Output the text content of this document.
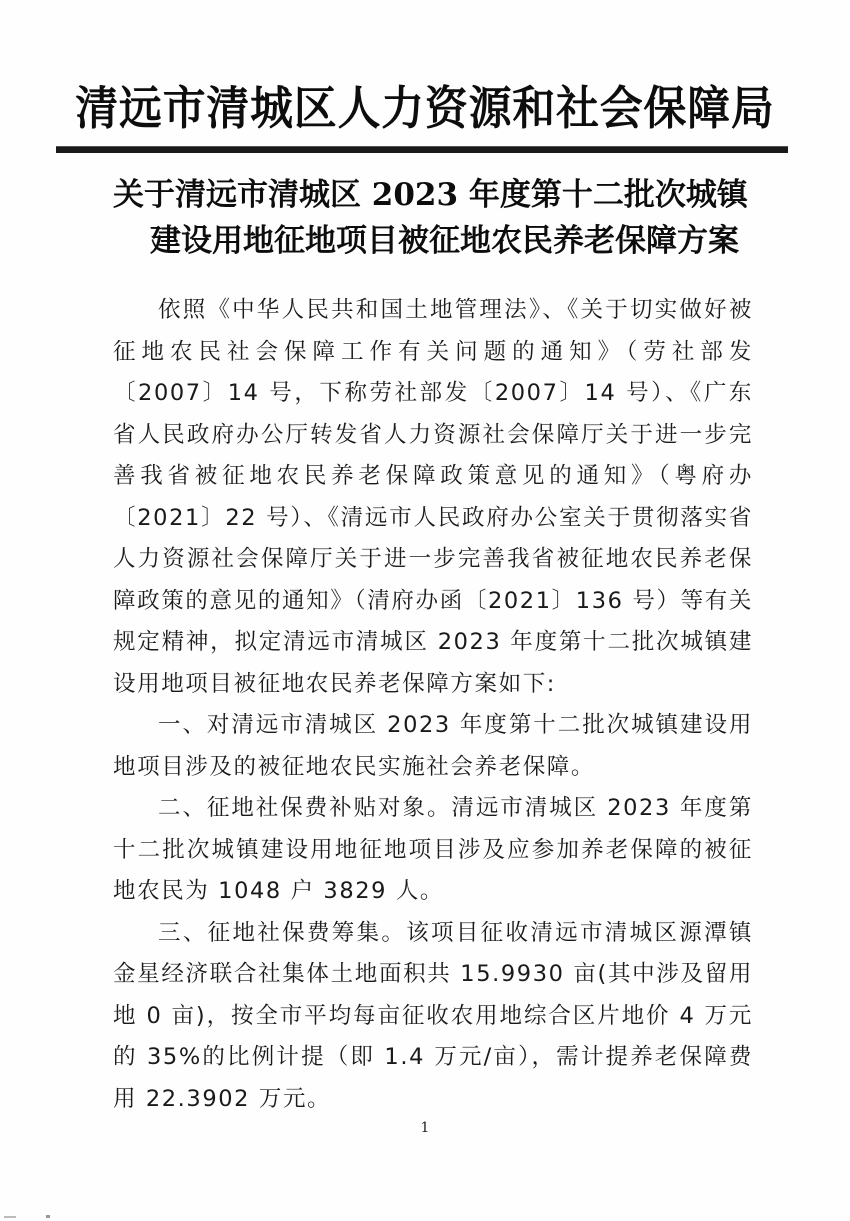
清远市清城区人力资源和社会保障局
关于清远市清城区 2023 年度第十二批次城镇
建设用地征地项目被征地农民养老保障方案

依照《中华人民共和国土地管理法》、《关于切实做好被征地农民社会保障工作有关问题的通知》（劳社部发〔2007〕14 号，下称劳社部发〔2007〕14 号）、《广东省人民政府办公厅转发省人力资源社会保障厅关于进一步完善我省被征地农民养老保障政策意见的通知》（粤府办〔2021〕22 号）、《清远市人民政府办公室关于贯彻落实省人力资源社会保障厅关于进一步完善我省被征地农民养老保障政策的意见的通知》（清府办函〔2021〕136 号）等有关规定精神，拟定清远市清城区 2023 年度第十二批次城镇建设用地项目被征地农民养老保障方案如下:

一、对清远市清城区 2023 年度第十二批次城镇建设用地项目涉及的被征地农民实施社会养老保障。

二、征地社保费补贴对象。清远市清城区 2023 年度第十二批次城镇建设用地征地项目涉及应参加养老保障的被征地农民为 1048 户 3829 人。

三、征地社保费筹集。该项目征收清远市清城区源潭镇金星经济联合社集体土地面积共 15.9930 亩(其中涉及留用地 0 亩)，按全市平均每亩征收农用地综合区片地价 4 万元的 35%的比例计提（即 1.4 万元/亩），需计提养老保障费用 22.3902 万元。

1
